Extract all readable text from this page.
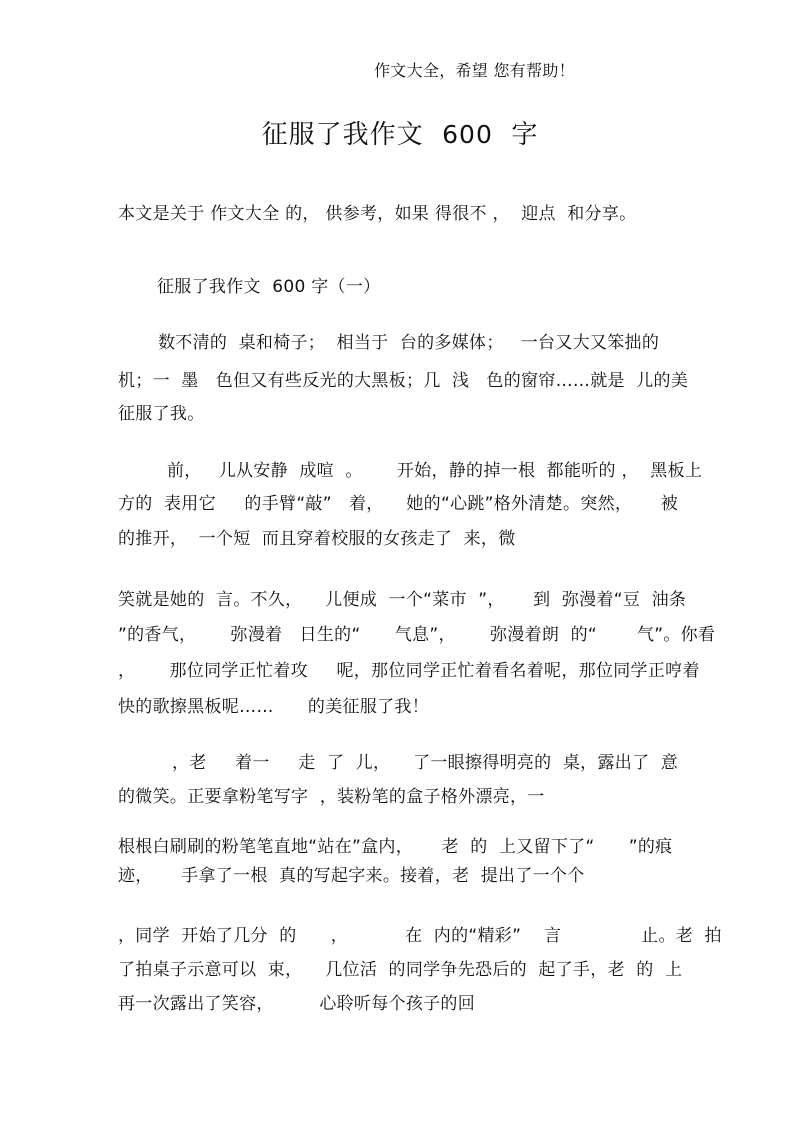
作文大全，希望 您有帮助！
征服了我作文 600 字
本文是关于 作文大全 的， 供参考，如果 得很不 ，  迎点  和分享。
征服了我作文  600 字（一）
数不清的  桌和椅子；  相当于  台的多媒体；   一台又大又笨拙的
机；一  墨   色但又有些反光的大黑板；几  浅   色的窗帘……就是  儿的美
征服了我。
前，   儿从安静  成喧  。      开始，静的掉一根  都能听的 ，  黑板上
方的  表用它     的手臂“敲”   着，    她的“心跳”格外清楚。突然，     被
的推开，  一个短  而且穿着校服的女孩走了  来，微
笑就是她的  言。不久，    儿便成  一个“菜市  ”，     到  弥漫着“豆  油条
”的香气，      弥漫着   日生的“      气息”，      弥漫着朗  的“       气”。你看
，      那位同学正忙着攻     呢，那位同学正忙着看名着呢，那位同学正哼着
快的歌擦黑板呢……      的美征服了我！
，老     着一     走  了  儿，    了一眼擦得明亮的  桌，露出了  意
的微笑。正要拿粉笔写字  ，装粉笔的盒子格外漂亮，一
根根白刷刷的粉笔笔直地“站在”盒内，     老  的  上又留下了“      ”的痕
迹，     手拿了一根  真的写起字来。接着，老  提出了一个个
，同学  开始了几分  的      ，          在  内的“精彩”    言              止。老  拍
了拍桌子示意可以  束，    几位活  的同学争先恐后的  起了手，老  的  上
再一次露出了笑容，        心聆听每个孩子的回
